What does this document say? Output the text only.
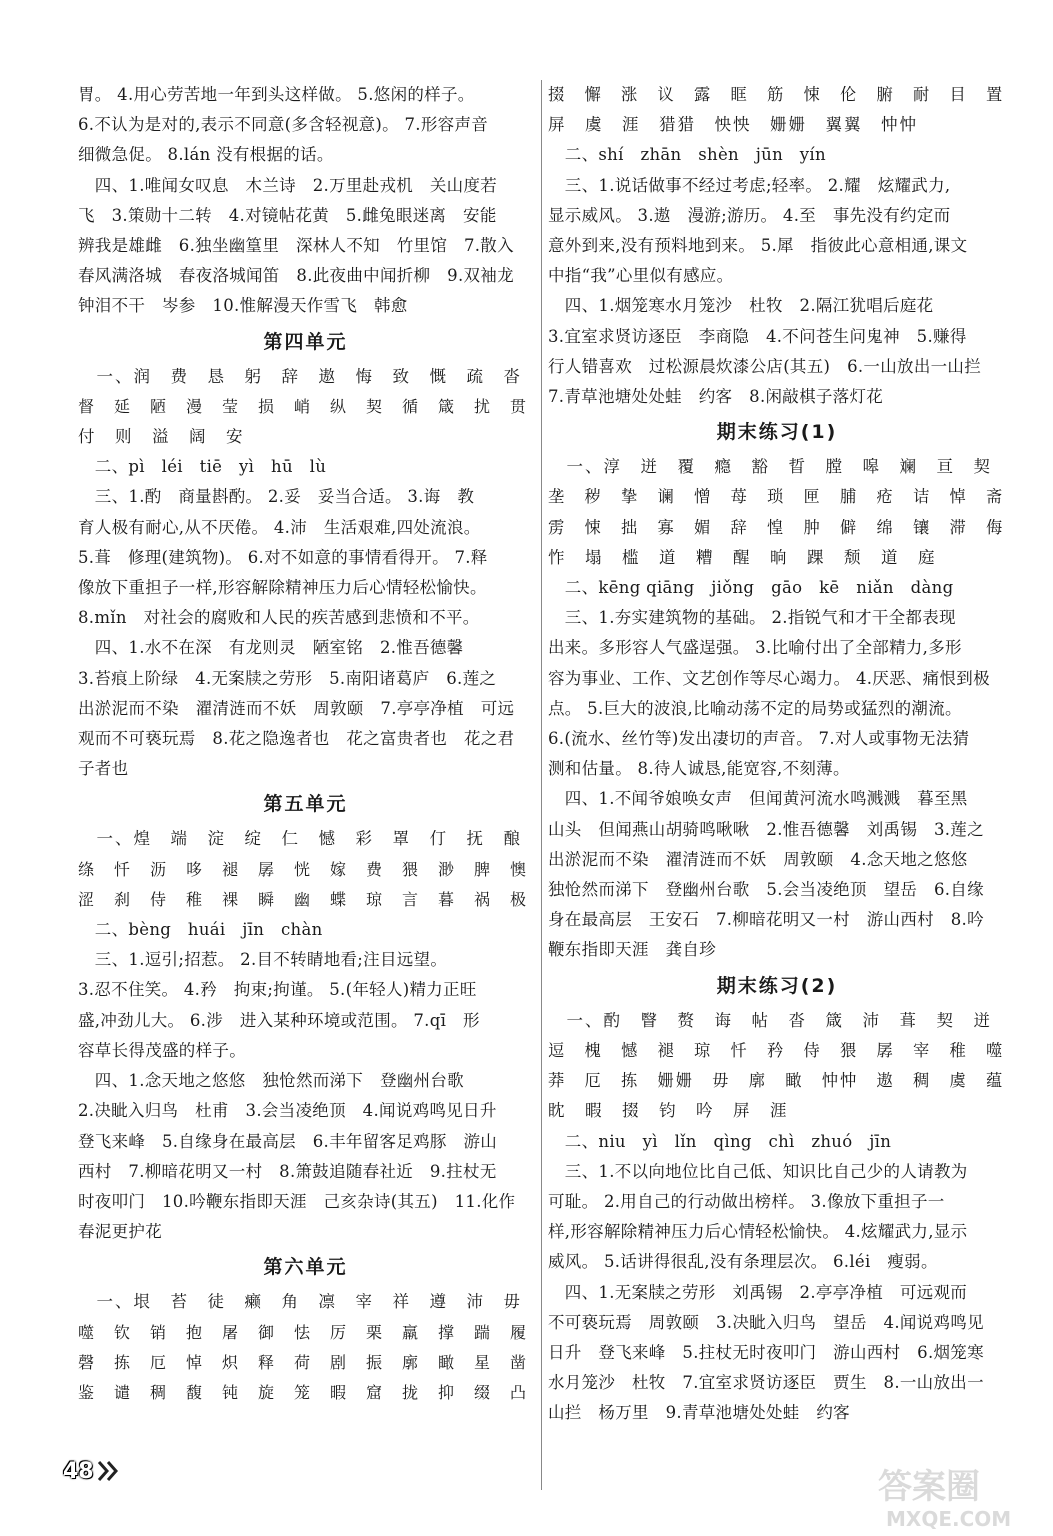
胃。 4.用心劳苦地一年到头这样做。 5.悠闲的样子。
6.不认为是对的,表示不同意(多含轻视意)。 7.形容声音
细微急促。 8.lán 没有根据的话。
　四、1.唯闻女叹息　木兰诗　2.万里赴戎机　关山度若
飞　3.策勋十二转　4.对镜帖花黄　5.雌兔眼迷离　安能
辨我是雄雌　6.独坐幽篁里　深林人不知　竹里馆　7.散入
春风满洛城　春夜洛城闻笛　8.此夜曲中闻折柳　9.双袖龙
钟泪不干　岑参　10.惟解漫天作雪飞　韩愈
第四单元
　一、润　费　恳　躬　辞　遨　悔　致　慨　疏　沓
督　延　陋　漫　莹　损　峭　纵　契　循　箴　扰　贯
付　则　溢　阔　安
　二、pì　léi　tiē　yì　hū　lù
　三、1.酌　商量斟酌。 2.妥　妥当合适。 3.诲　教
育人极有耐心,从不厌倦。 4.沛　生活艰难,四处流浪。
5.葺　修理(建筑物)。 6.对不如意的事情看得开。 7.释
像放下重担子一样,形容解除精神压力后心情轻松愉快。
8.mǐn　对社会的腐败和人民的疾苦感到悲愤和不平。
　四、1.水不在深　有龙则灵　陋室铭　2.惟吾德馨
3.苔痕上阶绿　4.无案牍之劳形　5.南阳诸葛庐　6.莲之
出淤泥而不染　濯清涟而不妖　周敦颐　7.亭亭净植　可远
观而不可亵玩焉　8.花之隐逸者也　花之富贵者也　花之君
子者也
第五单元
　一、煌　端　淀　绽　仁　憾　彩　罩　仃　抚　酿
绦　忏　沥　哆　褪　孱　恍　嫁　费　猥　渺　脾　懊
涩　刹　侍　稚　裸　瞬　幽　蝶　琼　言　暮　祸　极
　二、bèng　huái　jīn　chàn
　三、1.逗引;招惹。 2.目不转睛地看;注目远望。
3.忍不住笑。 4.矜　拘束;拘谨。 5.(年轻人)精力正旺
盛,冲劲儿大。 6.涉　进入某种环境或范围。 7.qī　形
容草长得茂盛的样子。
　四、1.念天地之悠悠　独怆然而涕下　登幽州台歌
2.决眦入归鸟　杜甫　3.会当凌绝顶　4.闻说鸡鸣见日升
登飞来峰　5.自缘身在最高层　6.丰年留客足鸡豚　游山
西村　7.柳暗花明又一村　8.箫鼓追随春社近　9.拄杖无
时夜叩门　10.吟鞭东指即天涯　己亥杂诗(其五)　11.化作
春泥更护花
第六单元
　一、垠　苔　徒　癞　角　凛　宰　祥　遵　沛　毋
噬　钦　销　抱　屠　御　怯　厉　栗　羸　撑　踹　履
磬　拣　厄　悼　炽　释　荷　剧　振　廓　瞰　星　凿
鉴　谴　稠　馥　钝　旋　笼　暇　窟　拢　抑　缀　凸
掇　懈　涨　议　露　眶　筋　悚　伦　腑　耐　目　置
屏　虞　涯　猎猎　怏怏　姗姗　翼翼　忡忡
　二、shí　zhān　shèn　jūn　yín
　三、1.说话做事不经过考虑;轻率。 2.耀　炫耀武力,
显示威风。 3.遨　漫游;游历。 4.至　事先没有约定而
意外到来,没有预料地到来。 5.犀　指彼此心意相通,课文
中指“我”心里似有感应。
　四、1.烟笼寒水月笼沙　杜牧　2.隔江犹唱后庭花
3.宜室求贤访逐臣　李商隐　4.不问苍生问鬼神　5.赚得
行人错喜欢　过松源晨炊漆公店(其五)　6.一山放出一山拦
7.青草池塘处处蛙　约客　8.闲敲棋子落灯花
期末练习(1)
　一、淳　迸　覆　瘾　豁　晢　膛　嗥　斓　亘　契
垄　秽　挚　谰　憎　苺　琐　匣　脯　疮　诘　悼　斋
雳　悚　拙　寡　媚　辞　惶　肿　僻　绵　镶　滞　侮
怍　塌　槛　道　糟　醒　晌　踝　颓　道　庭
　二、kēng qiāng　jiǒng　gāo　kē　niǎn　dàng
　三、1.夯实建筑物的基础。 2.指锐气和才干全都表现
出来。多形容人气盛逞强。 3.比喻付出了全部精力,多形
容为事业、工作、文艺创作等尽心竭力。 4.厌恶、痛恨到极
点。 5.巨大的波浪,比喻动荡不定的局势或猛烈的潮流。
6.(流水、丝竹等)发出凄切的声音。 7.对人或事物无法猜
测和估量。 8.待人诚恳,能宽容,不刻薄。
　四、1.不闻爷娘唤女声　但闻黄河流水鸣溅溅　暮至黑
山头　但闻燕山胡骑鸣啾啾　2.惟吾德馨　刘禹锡　3.莲之
出淤泥而不染　濯清涟而不妖　周敦颐　4.念天地之悠悠
独怆然而涕下　登幽州台歌　5.会当凌绝顶　望岳　6.自缘
身在最高层　王安石　7.柳暗花明又一村　游山西村　8.吟
鞭东指即天涯　龚自珍
期末练习(2)
　一、酌　瞖　赘　诲　帖　沓　箴　沛　葺　契　迸
逗　槐　憾　褪　琼　忏　矜　侍　猥　孱　宰　稚　噬
莽　厄　拣　姗姗　毋　廓　瞰　忡忡　遨　稠　虞　蕴
眈　暇　掇　钧　吟　屏　涯
　二、niu　yì　lǐn　qìng　chì　zhuó　jīn
　三、1.不以向地位比自己低、知识比自己少的人请教为
可耻。 2.用自己的行动做出榜样。 3.像放下重担子一
样,形容解除精神压力后心情轻松愉快。 4.炫耀武力,显示
威风。 5.话讲得很乱,没有条理层次。 6.léi　瘦弱。
　四、1.无案牍之劳形　刘禹锡　2.亭亭净植　可远观而
不可亵玩焉　周敦颐　3.决眦入归鸟　望岳　4.闻说鸡鸣见
日升　登飞来峰　5.拄杖无时夜叩门　游山西村　6.烟笼寒
水月笼沙　杜牧　7.宜室求贤访逐臣　贾生　8.一山放出一
山拦　杨万里　9.青草池塘处处蛙　约客
48	答案圈
MXQE.COM
